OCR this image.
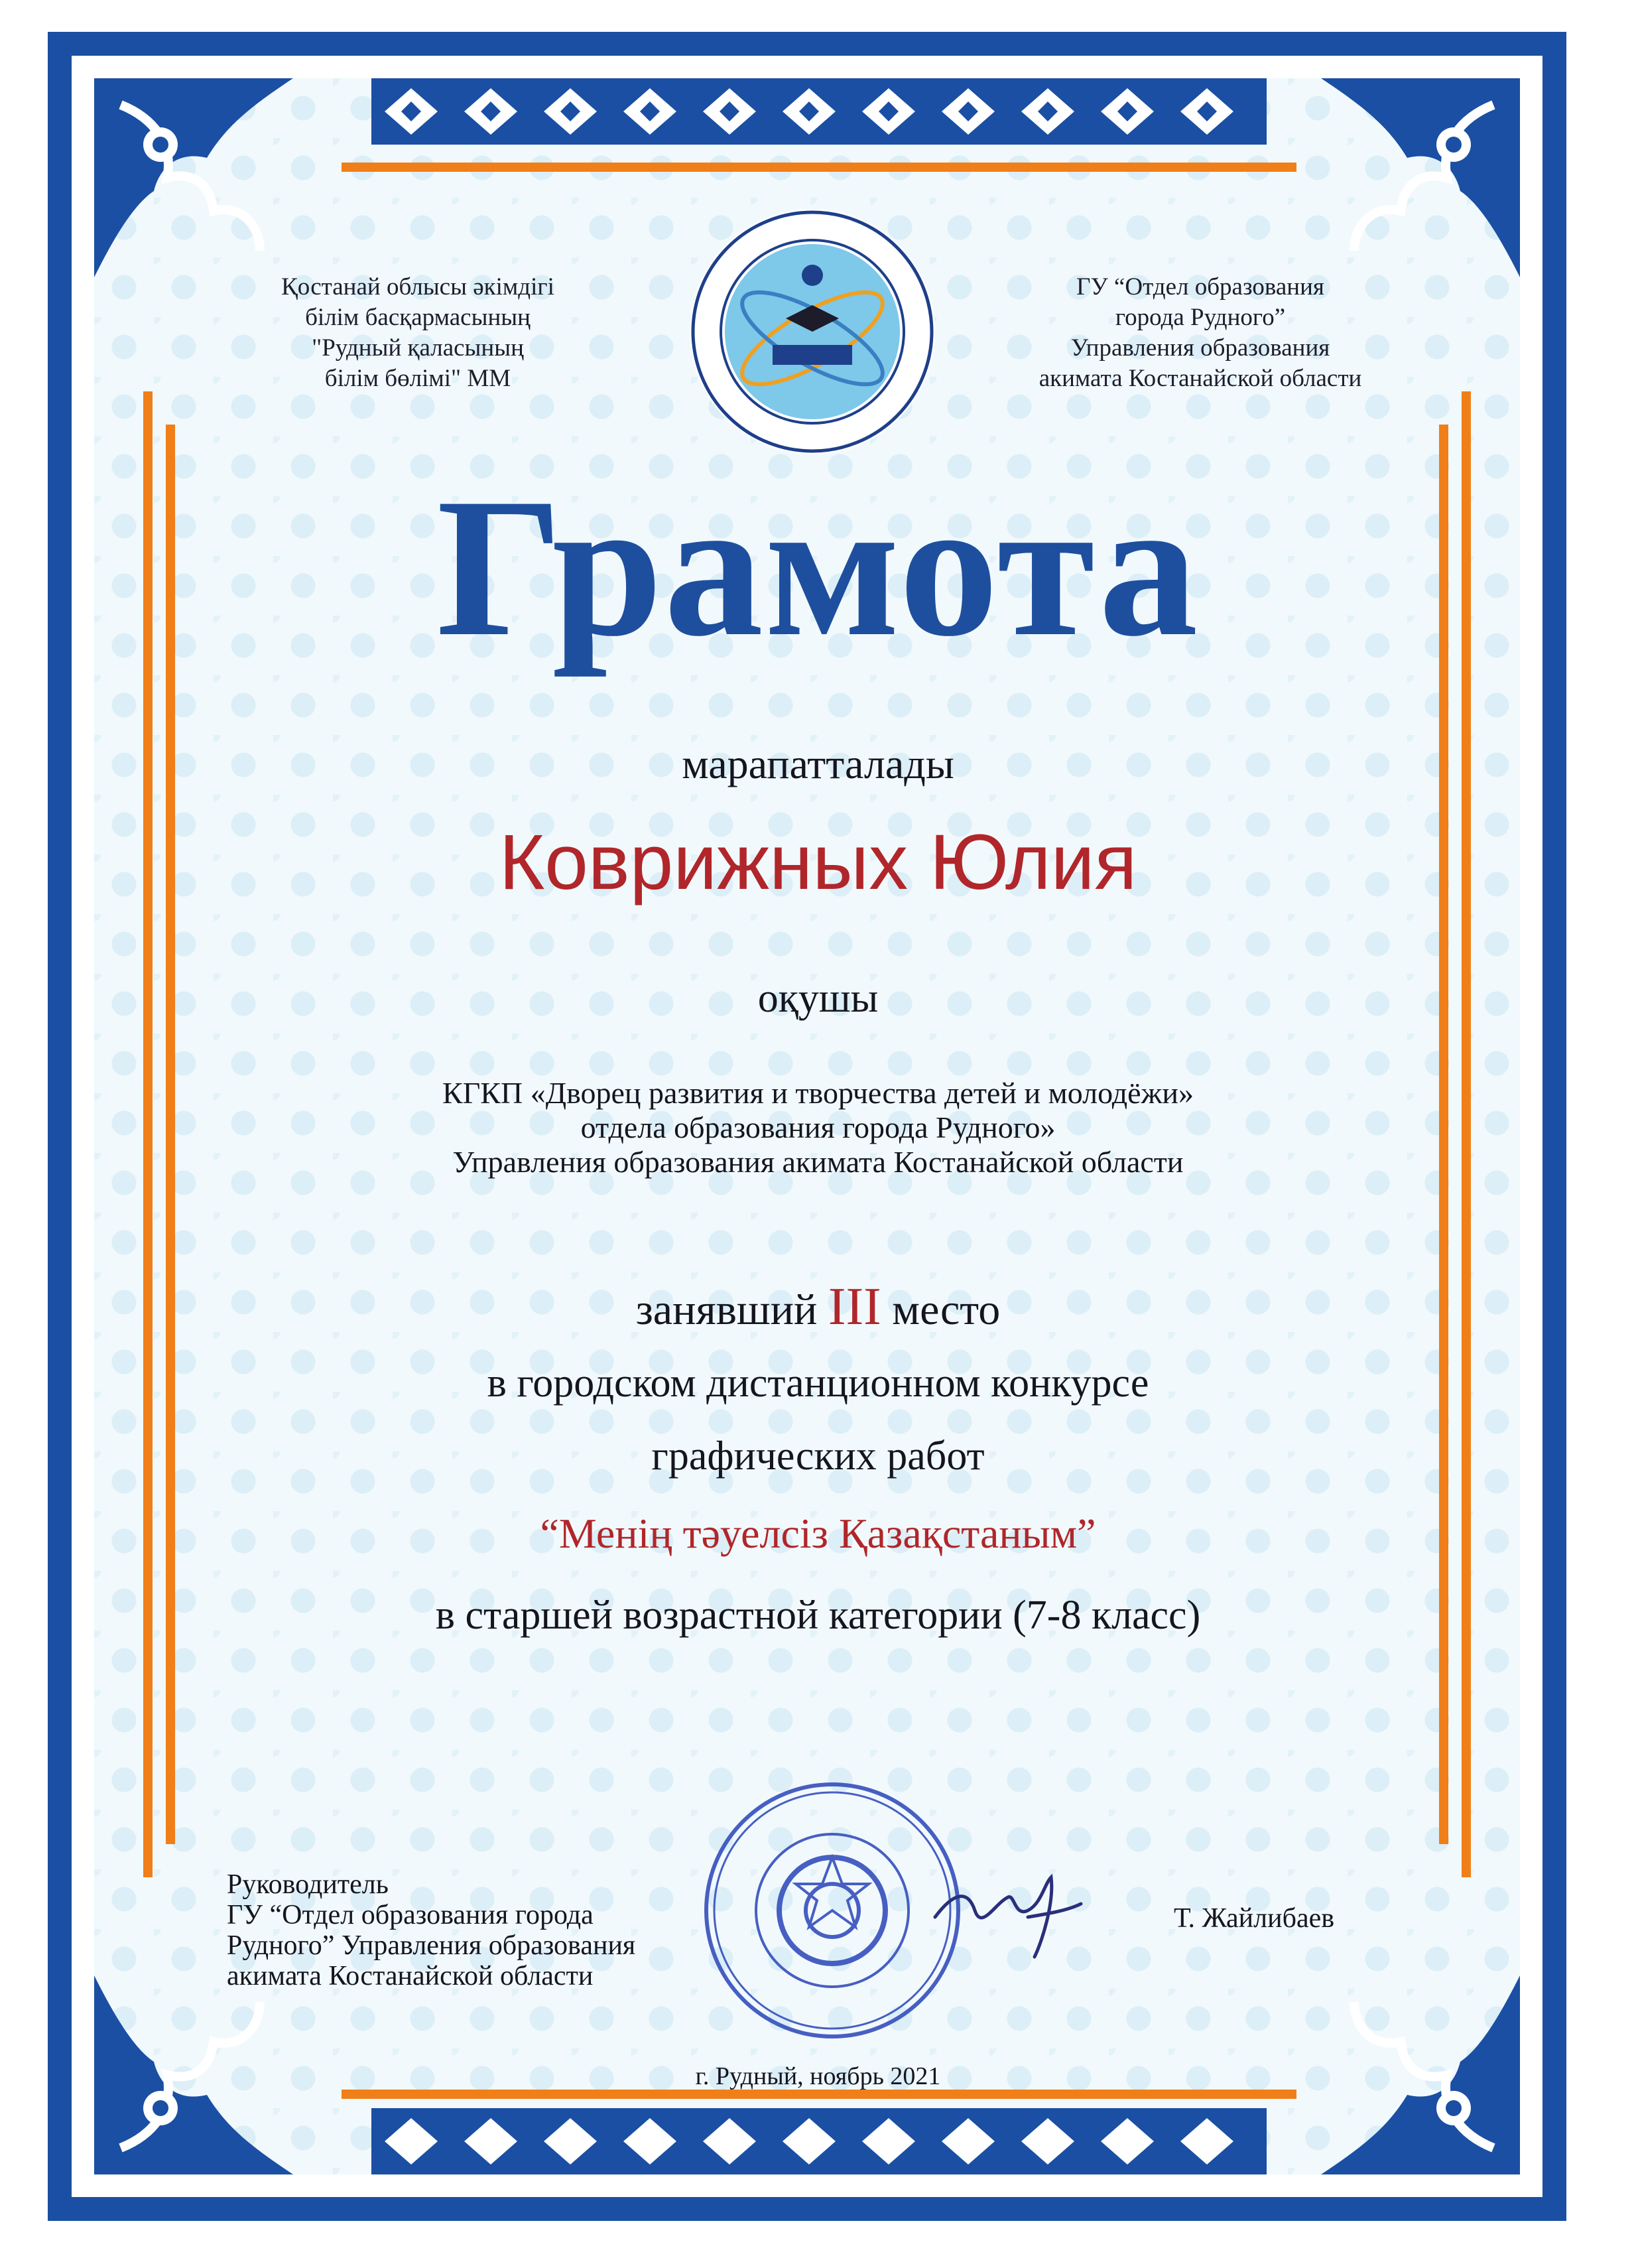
Қостанай облысы әкімдігі
білім басқармасының
"Рудный қаласының
білім бөлімі" ММ
ГУ “Отдел образования
города Рудного”
Управления образования
акимата Костанайской области
Грамота
марапатталады
Коврижных Юлия
оқушы
КГКП «Дворец развития и творчества детей и молодёжи»
отдела образования города Рудного»
Управления образования акимата Костанайской области
занявший III место
в городском дистанционном конкурсе
графических работ
“Менің тәуелсіз Қазақстаным”
в старшей возрастной категории (7-8 класс)
Руководитель
ГУ “Отдел образования города
Рудного” Управления образования
акимата Костанайской области
Т. Жайлибаев
г. Рудный, ноябрь 2021
